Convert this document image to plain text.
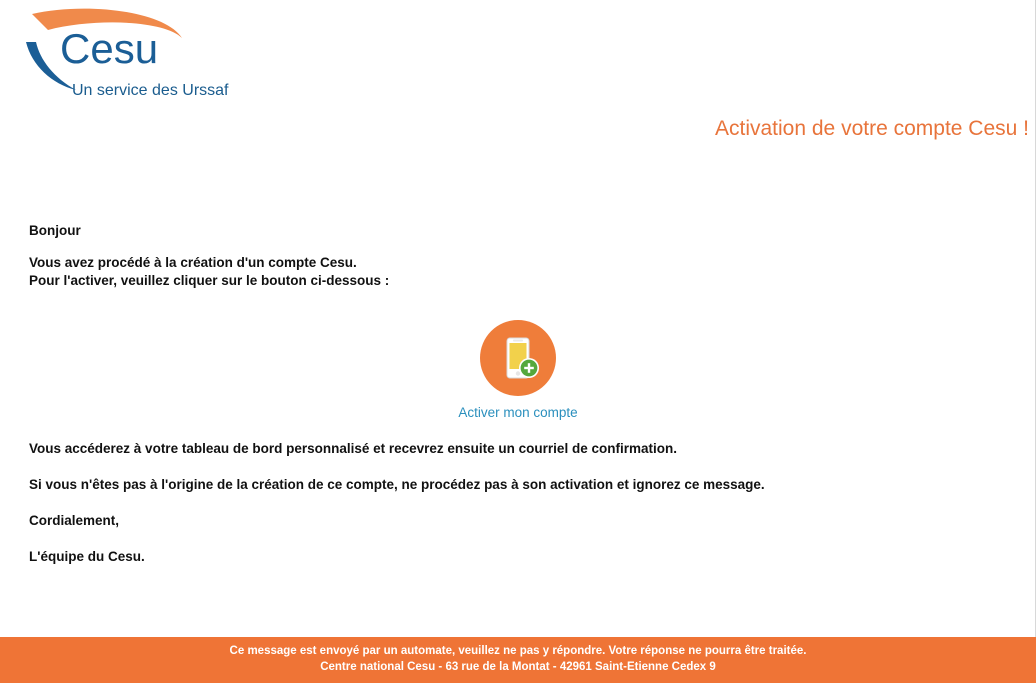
Cesu
Un service des Urssaf
Activation de votre compte Cesu !

Bonjour

Vous avez procédé à la création d'un compte Cesu.
Pour l'activer, veuillez cliquer sur le bouton ci-dessous :

Activer mon compte

Vous accéderez à votre tableau de bord personnalisé et recevrez ensuite un courriel de confirmation.

Si vous n'êtes pas à l'origine de la création de ce compte, ne procédez pas à son activation et ignorez ce message.

Cordialement,

L'équipe du Cesu.

Ce message est envoyé par un automate, veuillez ne pas y répondre. Votre réponse ne pourra être traitée.
Centre national Cesu - 63 rue de la Montat - 42961 Saint-Etienne Cedex 9
